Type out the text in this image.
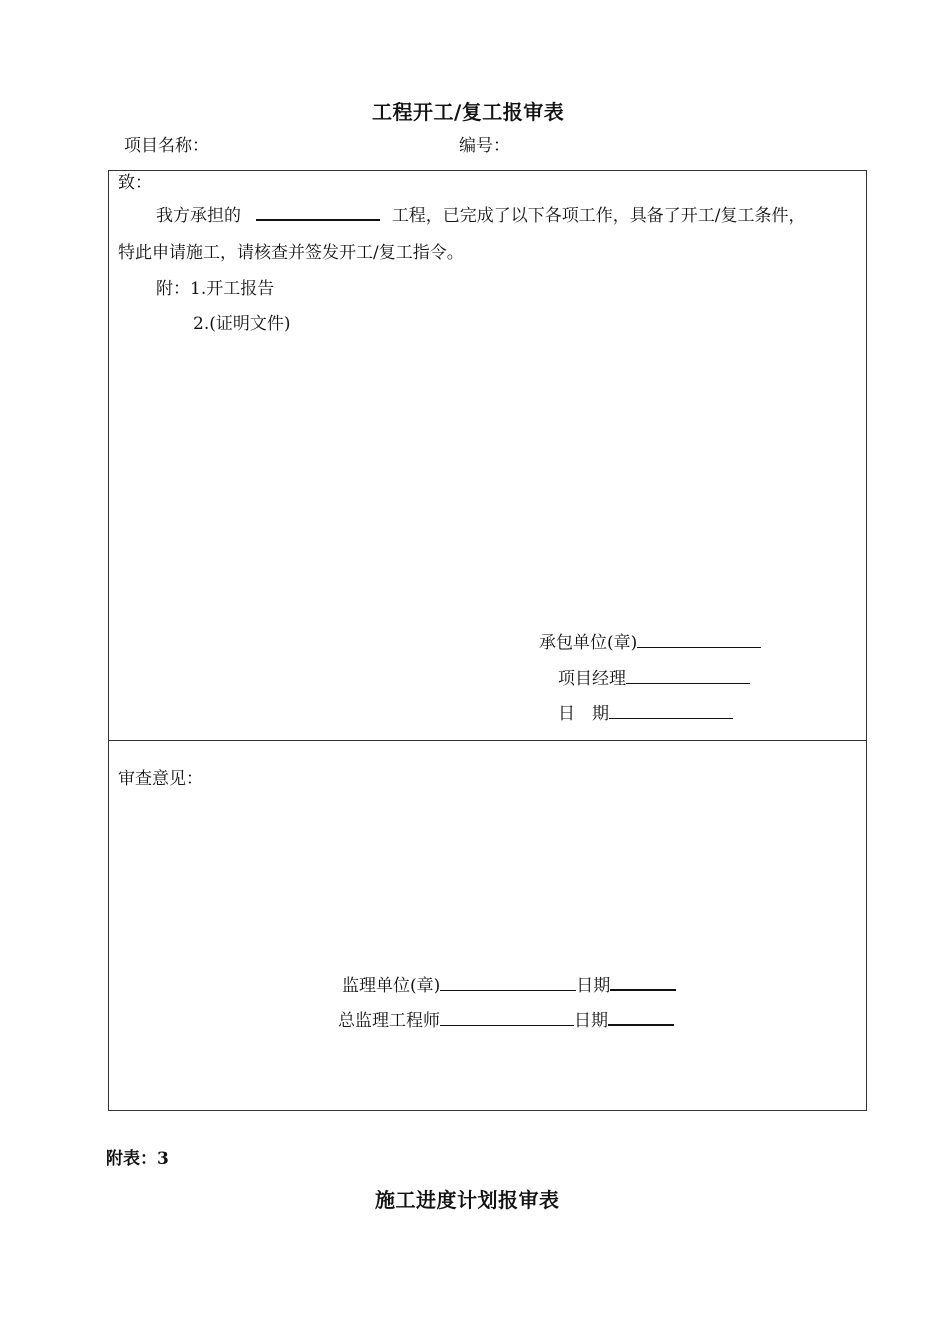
工程开工/复工报审表
项目名称：	编号：
致：
我方承担的	工程，已完成了以下各项工作，具备了开工/复工条件，
特此申请施工，请核查并签发开工/复工指令。
附：1.开工报告
2.(证明文件)
承包单位(章)
项目经理
日　期
审查意见：
监理单位(章)	日期
总监理工程师	日期
附表：3
施工进度计划报审表
